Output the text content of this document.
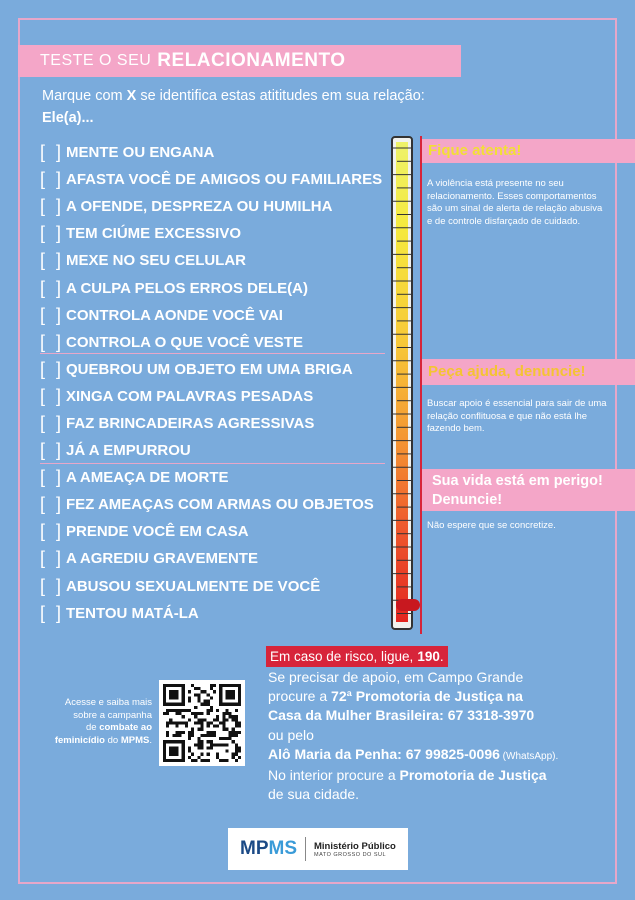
TESTE O SEU RELACIONAMENTO
Marque com X se identifica estas atititudes em sua relação:
Ele(a)...
[ ] MENTE OU ENGANA
[ ] AFASTA VOCÊ DE AMIGOS OU FAMILIARES
[ ] A OFENDE, DESPREZA OU HUMILHA
[ ] TEM CIÚME EXCESSIVO
[ ] MEXE NO SEU CELULAR
[ ] A CULPA PELOS ERROS DELE(A)
[ ] CONTROLA AONDE VOCÊ VAI
[ ] CONTROLA O QUE VOCÊ VESTE
[ ] QUEBROU UM OBJETO EM UMA BRIGA
[ ] XINGA COM PALAVRAS PESADAS
[ ] FAZ BRINCADEIRAS AGRESSIVAS
[ ] JÁ A EMPURROU
[ ] A AMEAÇA DE MORTE
[ ] FEZ AMEAÇAS COM ARMAS OU OBJETOS
[ ] PRENDE VOCÊ EM CASA
[ ] A AGREDIU GRAVEMENTE
[ ] ABUSOU SEXUALMENTE DE VOCÊ
[ ] TENTOU MATÁ-LA
Fique atenta!
A violência está presente no seu relacionamento. Esses comportamentos são um sinal de alerta de relação abusiva e de controle disfarçado de cuidado.
Peça ajuda, denuncie!
Buscar apoio é essencial para sair de uma relação conflituosa e que não está lhe fazendo bem.
Sua vida está em perigo! Denuncie!
Não espere que se concretize.
Em caso de risco, ligue, 190 .
Se precisar de apoio, em Campo Grande
procure a 72ª Promotoria de Justiça na
Casa da Mulher Brasileira: 67 3318-3970
ou pelo
Alô Maria da Penha: 67 99825-0096 (WhatsApp).
No interior procure a Promotoria de Justiça
de sua cidade.
Acesse e saiba mais
sobre a campanha
de combate ao
feminicídio do MPMS.
MP MS Ministério Público
MATO GROSSO DO SUL
